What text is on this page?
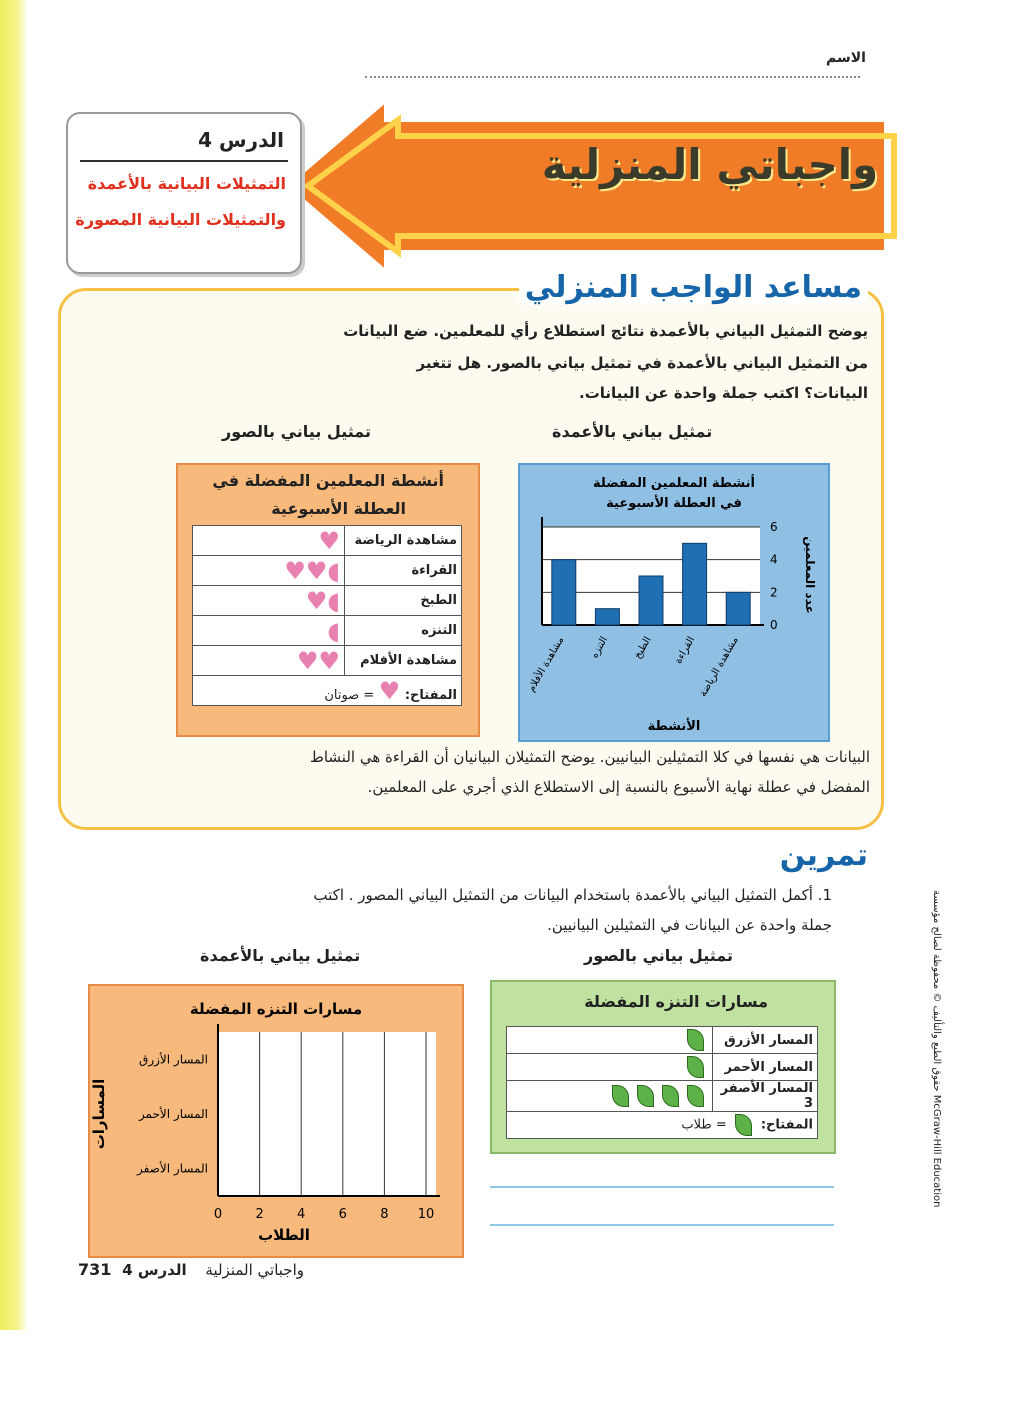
الاسم
واجباتي المنزلية
الدرس 4
التمثيلات البيانية بالأعمدة
والتمثيلات البيانية المصورة
مساعد الواجب المنزلي
يوضح التمثيل البياني بالأعمدة نتائج استطلاع رأي للمعلمين. ضع البيانات
من التمثيل البياني بالأعمدة في تمثيل بياني بالصور. هل تتغير
البيانات؟ اكتب جملة واحدة عن البيانات.
تمثيل بياني بالأعمدة
تمثيل بياني بالصور
أنشطة المعلمين المفضلة
في العطلة الأسبوعية
0
2
4
6
مشاهدة الأفلام التنزه الطبخ القراءة مشاهدة الرياضة
عدد المعلمين
الأنشطة
أنشطة المعلمين المفضلة في
العطلة الأسبوعية
♥	مشاهدة الرياضة
♥♥◖	القراءة
♥◖	الطبخ
◖	التنزه
♥♥	مشاهدة الأفلام
المفتاح: ♥ = صوتان	
البيانات هي نفسها في كلا التمثيلين البيانيين. يوضح التمثيلان البيانيان أن القراءة هي النشاط
المفضل في عطلة نهاية الأسبوع بالنسبة إلى الاستطلاع الذي أجري على المعلمين.
تمرين
1. أكمل التمثيل البياني بالأعمدة باستخدام البيانات من التمثيل البياني المصور . اكتب
جملة واحدة عن البيانات في التمثيلين البيانيين.
تمثيل بياني بالصور
تمثيل بياني بالأعمدة
مسارات التنزه المفضلة
	المسار الأزرق
	المسار الأحمر
	المسار الأصفر 3
المفتاح:  = طلاب	
مسارات التنزه المفضلة
0	2	4	6	8 10
المسار الأزرق
المسار الأحمر
المسار الأصفر
المسارات
الطلاب
731	واجباتي المنزلية الدرس 4
حقوق الطبع والتأليف © محفوظة لصالح مؤسسة McGraw-Hill Education
